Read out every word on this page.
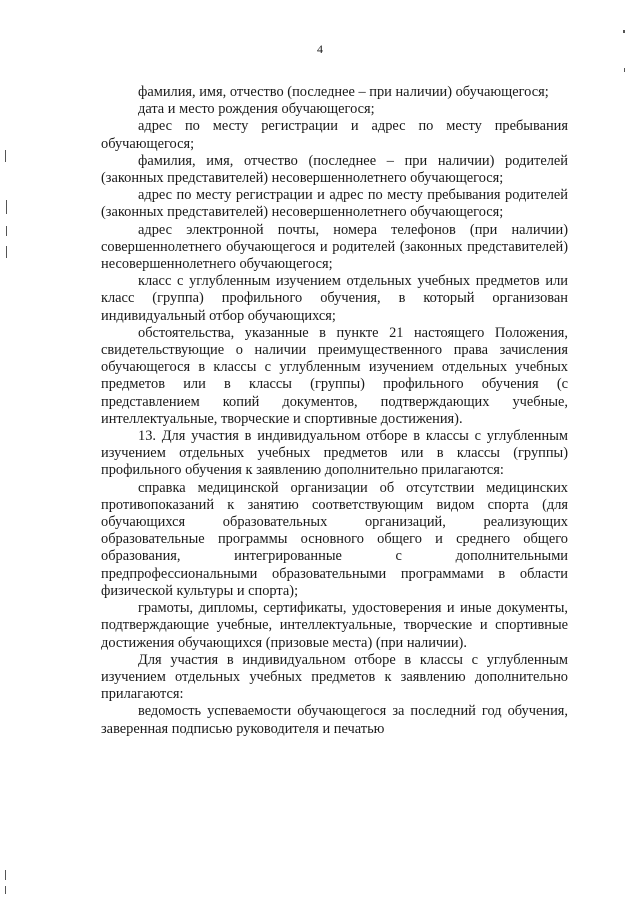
4

фамилия, имя, отчество (последнее – при наличии) обучающегося;

дата и место рождения обучающегося;

адрес по месту регистрации и адрес по месту пребывания обучающегося;

фамилия, имя, отчество (последнее – при наличии) родителей (законных представителей) несовершеннолетнего обучающегося;

адрес по месту регистрации и адрес по месту пребывания родителей (законных представителей) несовершеннолетнего обучающегося;

адрес электронной почты, номера телефонов (при наличии) совершеннолетнего обучающегося и родителей (законных представителей) несовершеннолетнего обучающегося;

класс с углубленным изучением отдельных учебных предметов или класс (группа) профильного обучения, в который организован индивидуальный отбор обучающихся;

обстоятельства, указанные в пункте 21 настоящего Положения, свидетельствующие о наличии преимущественного права зачисления обучающегося в классы с углубленным изучением отдельных учебных предметов или в классы (группы) профильного обучения (с представлением копий документов, подтверждающих учебные, интеллектуальные, творческие и спортивные достижения).

13. Для участия в индивидуальном отборе в классы с углубленным изучением отдельных учебных предметов или в классы (группы) профильного обучения к заявлению дополнительно прилагаются:

справка медицинской организации об отсутствии медицинских противопоказаний к занятию соответствующим видом спорта (для обучающихся образовательных организаций, реализующих образовательные программы основного общего и среднего общего образования, интегрированные с дополнительными предпрофессиональными образовательными программами в области физической культуры и спорта);

грамоты, дипломы, сертификаты, удостоверения и иные документы, подтверждающие учебные, интеллектуальные, творческие и спортивные достижения обучающихся (призовые места) (при наличии).

Для участия в индивидуальном отборе в классы с углубленным изучением отдельных учебных предметов к заявлению дополнительно прилагаются:

ведомость успеваемости обучающегося за последний год обучения, заверенная подписью руководителя и печатью
